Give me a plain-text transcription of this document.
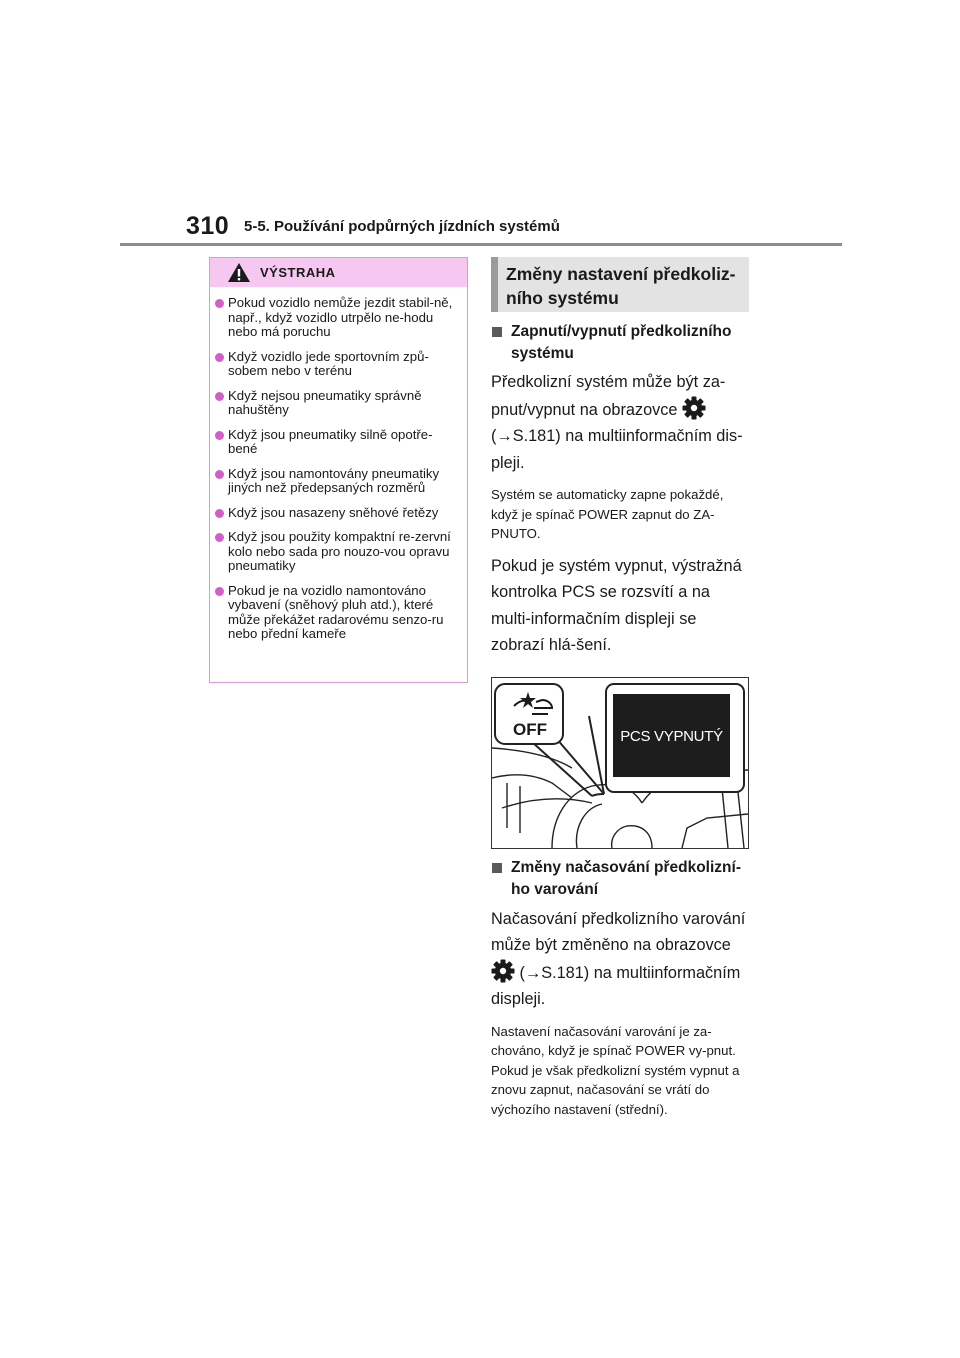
310 5-5. Používání podpůrných jízdních systémů
VÝSTRAHA
Pokud vozidlo nemůže jezdit stabil-ně, např., když vozidlo utrpělo ne-hodu nebo má poruchu
Když vozidlo jede sportovním způ-sobem nebo v terénu
Když nejsou pneumatiky správně nahuštěny
Když jsou pneumatiky silně opotře-bené
Když jsou namontovány pneumatiky jiných než předepsaných rozměrů
Když jsou nasazeny sněhové řetězy
Když jsou použity kompaktní re-zervní kolo nebo sada pro nouzo-vou opravu pneumatiky
Pokud je na vozidlo namontováno vybavení (sněhový pluh atd.), které může překážet radarovému senzo-ru nebo přední kameře
Změny nastavení předkoliz-ního systému
Zapnutí/vypnutí předkolizního systému
Předkolizní systém může být za-pnut/vypnut na obrazovce  (→S.181) na multiinformačním dis-pleji.
Systém se automaticky zapne pokaždé, když je spínač POWER zapnut do ZA-PNUTO.
Pokud je systém vypnut, výstražná kontrolka PCS se rozsvítí a na multi-informačním displeji se zobrazí hlá-šení.
OFF	PCS VYPNUTÝ
Změny načasování předkolizní-ho varování
Načasování předkolizního varování může být změněno na obrazovce  (→S.181) na multiinformačním displeji.
Nastavení načasování varování je za-chováno, když je spínač POWER vy-pnut. Pokud je však předkolizní systém vypnut a znovu zapnut, načasování se vrátí do výchozího nastavení (střední).
